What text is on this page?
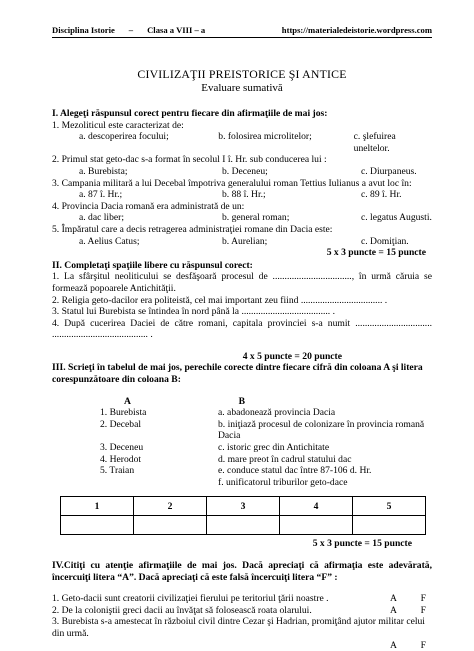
Disciplina Istorie – Clasa a VIII – a	https://materialedeistorie.wordpress.com
CIVILIZAŢII PREISTORICE ŞI ANTICE
Evaluare sumativă
I. Alegeţi răspunsul corect pentru fiecare din afirmaţiile de mai jos:
1. Mezoliticul este caracterizat de:
a. descoperirea focului;	b. folosirea microlitelor;	c. şlefuirea uneltelor.
2. Primul stat geto-dac s-a format în secolul I î. Hr. sub conducerea lui :
a. Burebista;	b. Deceneu;	c. Diurpaneus.
3. Campania militară a lui Decebal împotriva generalului roman Tettius Iulianus a avut loc în:
a. 87 î. Hr.;	b. 88 î. Hr.;	c. 89 î. Hr.
4. Provincia Dacia romană era administrată de un:
a. dac liber;	b. general roman;	c. legatus Augusti.
5. Împăratul care a decis retragerea administraţiei romane din Dacia este:
a. Aelius Catus;	b. Aurelian;	c. Domiţian.
5 x 3 puncte = 15 puncte
II. Completaţi spaţiile libere cu răspunsul corect:
1. La sfârşitul neoliticului se desfăşoară procesul de ................................., în urmă căruia se formează popoarele Antichităţii.
2. Religia geto-dacilor era politeistă, cel mai important zeu fiind .................................. .
3. Statul lui Burebista se întindea în nord până la ..................................... .
4. După cucerirea Daciei de către romani, capitala provinciei s-a numit ................................ ........................................ .
4 x 5 puncte = 20 puncte
III. Scrieţi în tabelul de mai jos, perechile corecte dintre fiecare cifră din coloana A şi litera corespunzătoare din coloana B:
A	B
1. Burebista	a. abadonează provincia Dacia
2. Decebal	b. iniţiază procesul de colonizare în provincia romană Dacia
3. Deceneu	c. istoric grec din Antichitate
4. Herodot	d. mare preot în cadrul statului dac
5. Traian	e. conduce statul dac între 87-106 d. Hr.
f. unificatorul triburilor geto-dace
1	2	3	4	5

5 x 3 puncte = 15 puncte
IV.Citiţi cu atenţie afirmaţiile de mai jos. Dacă apreciaţi că afirmaţia este adevărată, încercuiţi litera “A”. Dacă apreciaţi că este falsă încercuiţi litera “F” :
1. Geto-dacii sunt creatorii civilizaţiei fierului pe teritoriul ţării noastre .	A F
2. De la coloniştii greci dacii au învăţat să folosească roata olarului.	A F
3. Burebista s-a amestecat în războiul civil dintre Cezar şi Hadrian, promiţând ajutor militar celui din urmă.
A F
